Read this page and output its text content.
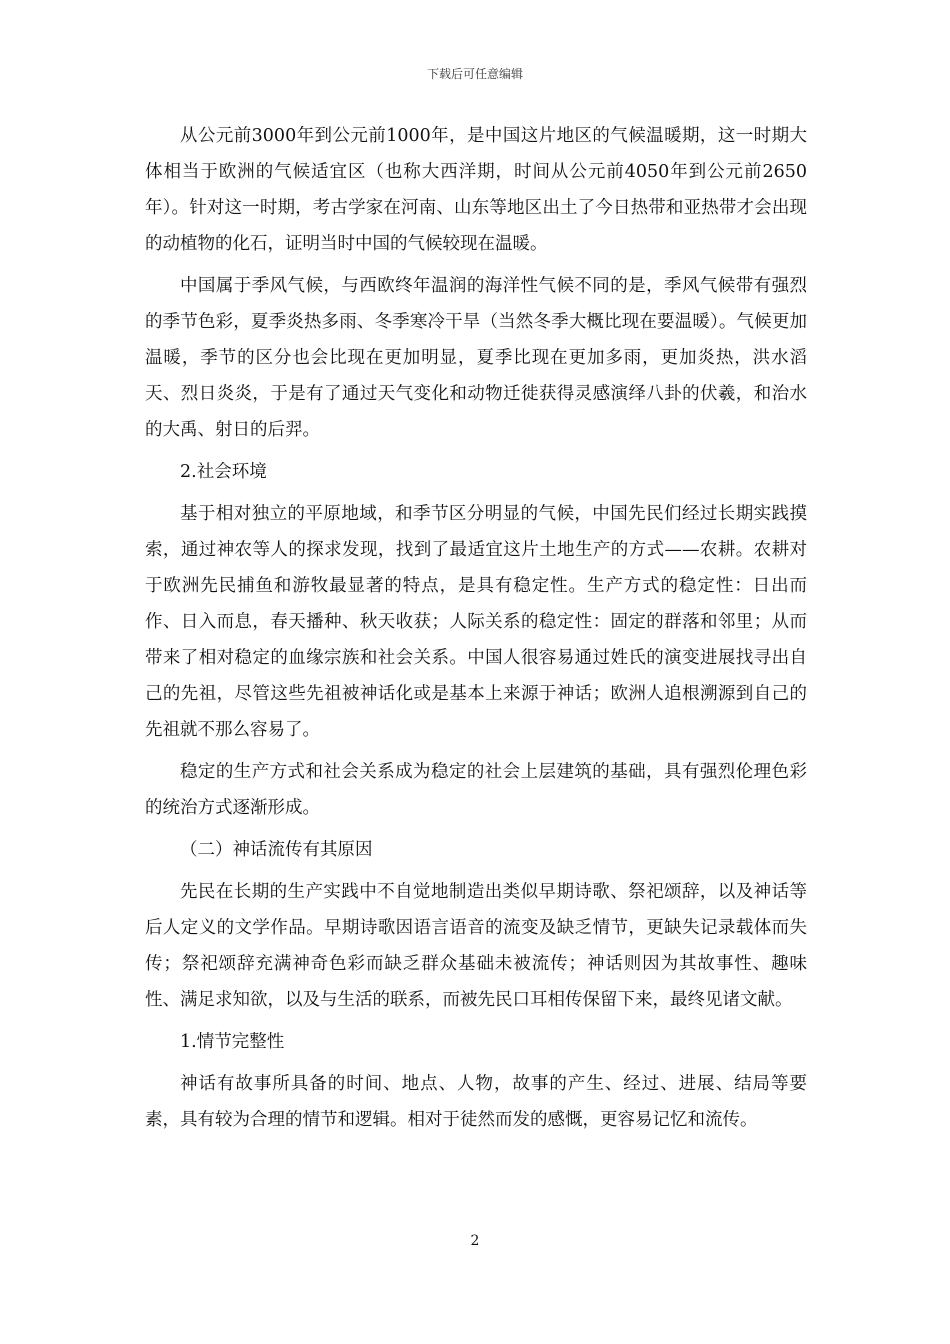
下载后可任意编辑

从公元前3000年到公元前1000年，是中国这片地区的气候温暖期，这一时期大体相当于欧洲的气候适宜区（也称大西洋期，时间从公元前4050年到公元前2650年）。针对这一时期，考古学家在河南、山东等地区出土了今日热带和亚热带才会出现的动植物的化石，证明当时中国的气候较现在温暖。

中国属于季风气候，与西欧终年温润的海洋性气候不同的是，季风气候带有强烈的季节色彩，夏季炎热多雨、冬季寒冷干旱（当然冬季大概比现在要温暖）。气候更加温暖，季节的区分也会比现在更加明显，夏季比现在更加多雨，更加炎热，洪水滔天、烈日炎炎，于是有了通过天气变化和动物迁徙获得灵感演绎八卦的伏羲，和治水的大禹、射日的后羿。

2.社会环境

基于相对独立的平原地域，和季节区分明显的气候，中国先民们经过长期实践摸索，通过神农等人的探求发现，找到了最适宜这片土地生产的方式——农耕。农耕对于欧洲先民捕鱼和游牧最显著的特点，是具有稳定性。生产方式的稳定性：日出而作、日入而息，春天播种、秋天收获；人际关系的稳定性：固定的群落和邻里；从而带来了相对稳定的血缘宗族和社会关系。中国人很容易通过姓氏的演变进展找寻出自己的先祖，尽管这些先祖被神话化或是基本上来源于神话；欧洲人追根溯源到自己的先祖就不那么容易了。

稳定的生产方式和社会关系成为稳定的社会上层建筑的基础，具有强烈伦理色彩的统治方式逐渐形成。

（二）神话流传有其原因

先民在长期的生产实践中不自觉地制造出类似早期诗歌、祭祀颂辞，以及神话等后人定义的文学作品。早期诗歌因语言语音的流变及缺乏情节，更缺失记录载体而失传；祭祀颂辞充满神奇色彩而缺乏群众基础未被流传；神话则因为其故事性、趣味性、满足求知欲，以及与生活的联系，而被先民口耳相传保留下来，最终见诸文献。

1.情节完整性

神话有故事所具备的时间、地点、人物，故事的产生、经过、进展、结局等要素，具有较为合理的情节和逻辑。相对于徒然而发的感慨，更容易记忆和流传。

2
